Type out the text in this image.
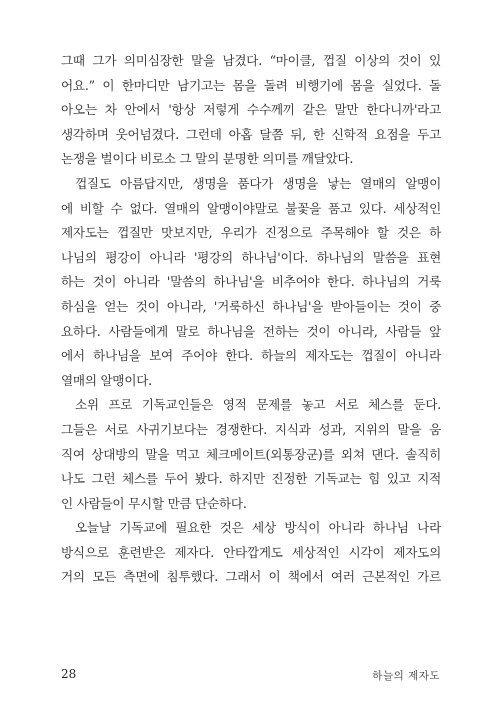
그때 그가 의미심장한 말을 남겼다. “마이클, 껍질 이상의 것이 있
어요.” 이 한마디만 남기고는 몸을 돌려 비행기에 몸을 실었다. 돌
아오는 차 안에서 '항상 저렇게 수수께끼 같은 말만 한다니까'라고
생각하며 웃어넘겼다. 그런데 아홉 달쯤 뒤, 한 신학적 요점을 두고
논쟁을 벌이다 비로소 그 말의 분명한 의미를 깨달았다.
껍질도 아름답지만, 생명을 품다가 생명을 낳는 열매의 알맹이
에 비할 수 없다. 열매의 알맹이야말로 불꽃을 품고 있다. 세상적인
제자도는 껍질만 맛보지만, 우리가 진정으로 주목해야 할 것은 하
나님의 평강이 아니라 '평강의 하나님'이다. 하나님의 말씀을 표현
하는 것이 아니라 '말씀의 하나님'을 비추어야 한다. 하나님의 거룩
하심을 얻는 것이 아니라, '거룩하신 하나님'을 받아들이는 것이 중
요하다. 사람들에게 말로 하나님을 전하는 것이 아니라, 사람들 앞
에서 하나님을 보여 주어야 한다. 하늘의 제자도는 껍질이 아니라
열매의 알맹이다.
소위 프로 기독교인들은 영적 문제를 놓고 서로 체스를 둔다.
그들은 서로 사귀기보다는 경쟁한다. 지식과 성과, 지위의 말을 움
직여 상대방의 말을 먹고 체크메이트(외통장군)를 외쳐 댄다. 솔직히
나도 그런 체스를 두어 봤다. 하지만 진정한 기독교는 힘 있고 지적
인 사람들이 무시할 만큼 단순하다.
오늘날 기독교에 필요한 것은 세상 방식이 아니라 하나님 나라
방식으로 훈련받은 제자다. 안타깝게도 세상적인 시각이 제자도의
거의 모든 측면에 침투했다. 그래서 이 책에서 여러 근본적인 가르
28	하늘의 제자도
